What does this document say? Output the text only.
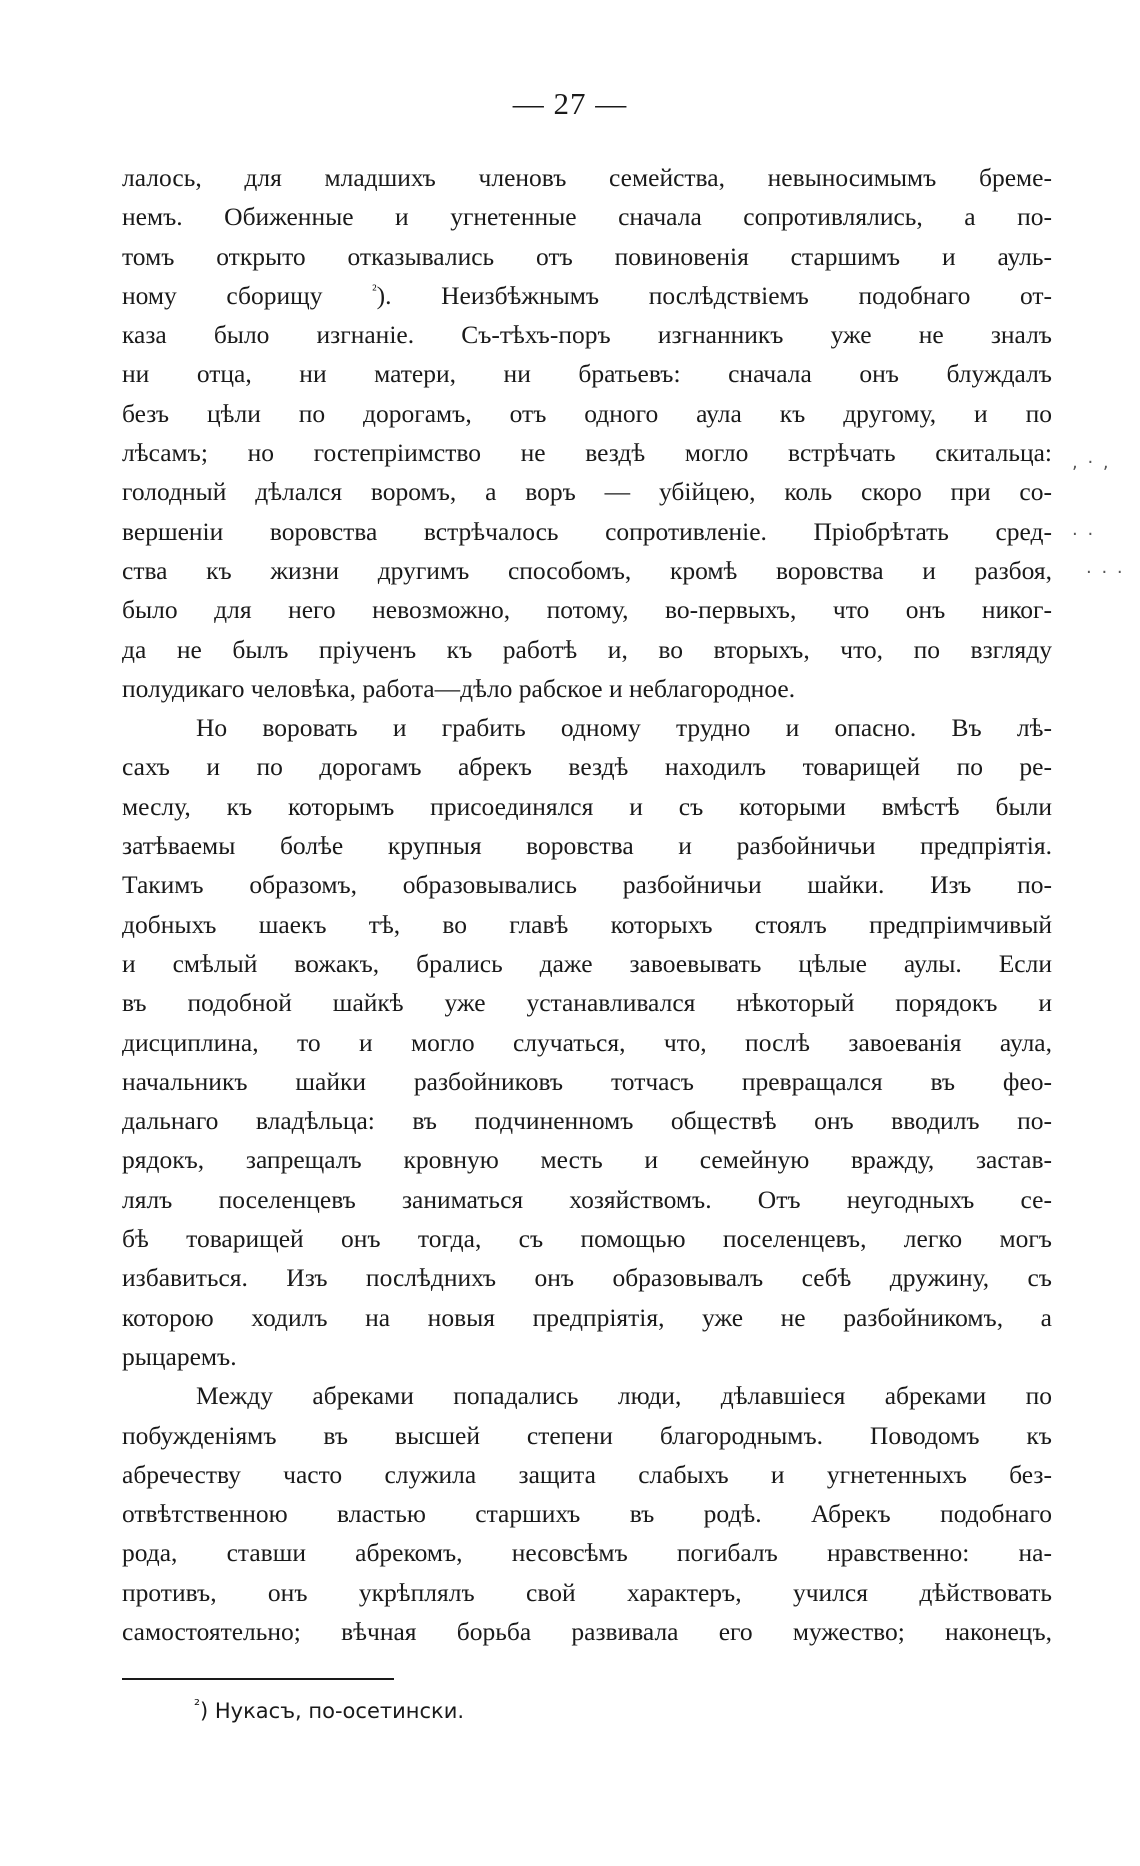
— 27 —
лалось, для младшихъ членовъ семейства, невыносимымъ бреме-
немъ. Обиженные и угнетенные сначала сопротивлялись, а по-
томъ открыто отказывались отъ повиновенія старшимъ и ауль-
ному сборищу $^{^2}$). Неизбѣжнымъ послѣдствіемъ подобнаго от-
каза было изгнаніе. Съ-тѣхъ-поръ изгнанникъ уже не зналъ
ни отца, ни матери, ни братьевъ: сначала онъ блуждалъ
безъ цѣли по дорогамъ, отъ одного аула къ другому, и по
лѣсамъ; но гостепріимство не вездѣ могло встрѣчать скитальца:
голодный дѣлался воромъ, а воръ — убійцею, коль скоро при со-
вершеніи воровства встрѣчалось сопротивленіе. Пріобрѣтать сред-
ства къ жизни другимъ способомъ, кромѣ воровства и разбоя,
было для него невозможно, потому, во-первыхъ, что онъ никог-
да не былъ пріученъ къ работѣ и, во вторыхъ, что, по взгляду
полудикаго человѣка, работа—дѣло рабское и неблагородное.
Но воровать и грабить одному трудно и опасно. Въ лѣ-
сахъ и по дорогамъ абрекъ вездѣ находилъ товарищей по ре-
меслу, къ которымъ присоединялся и съ которыми вмѣстѣ были
затѣваемы болѣе крупныя воровства и разбойничьи предпріятія.
Такимъ образомъ, образовывались разбойничьи шайки. Изъ по-
добныхъ шаекъ тѣ, во главѣ которыхъ стоялъ предпріимчивый
и смѣлый вожакъ, брались даже завоевывать цѣлые аулы. Если
въ подобной шайкѣ уже устанавливался нѣкоторый порядокъ и
дисциплина, то и могло случаться, что, послѣ завоеванія аула,
начальникъ шайки разбойниковъ тотчасъ превращался въ фео-
дальнаго владѣльца: въ подчиненномъ обществѣ онъ вводилъ по-
рядокъ, запрещалъ кровную месть и семейную вражду, застав-
лялъ поселенцевъ заниматься хозяйствомъ. Отъ неугодныхъ се-
бѣ товарищей онъ тогда, съ помощью поселенцевъ, легко могъ
избавиться. Изъ послѣднихъ онъ образовывалъ себѣ дружину, съ
которою ходилъ на новыя предпріятія, уже не разбойникомъ, а
рыцаремъ.
Между абреками попадались люди, дѣлавшіеся абреками по
побужденіямъ въ высшей степени благороднымъ. Поводомъ къ
абречеству часто служила защита слабыхъ и угнетенныхъ без-
отвѣтственною властью старшихъ въ родѣ. Абрекъ подобнаго
рода, ставши абрекомъ, несовсѣмъ погибалъ нравственно: на-
противъ, онъ укрѣплялъ свой характеръ, учился дѣйствовать
самостоятельно; вѣчная борьба развивала его мужество; наконецъ,
$^{^2}$) Нукасъ, по-осетински.
, · ,
· ·
· · ·
